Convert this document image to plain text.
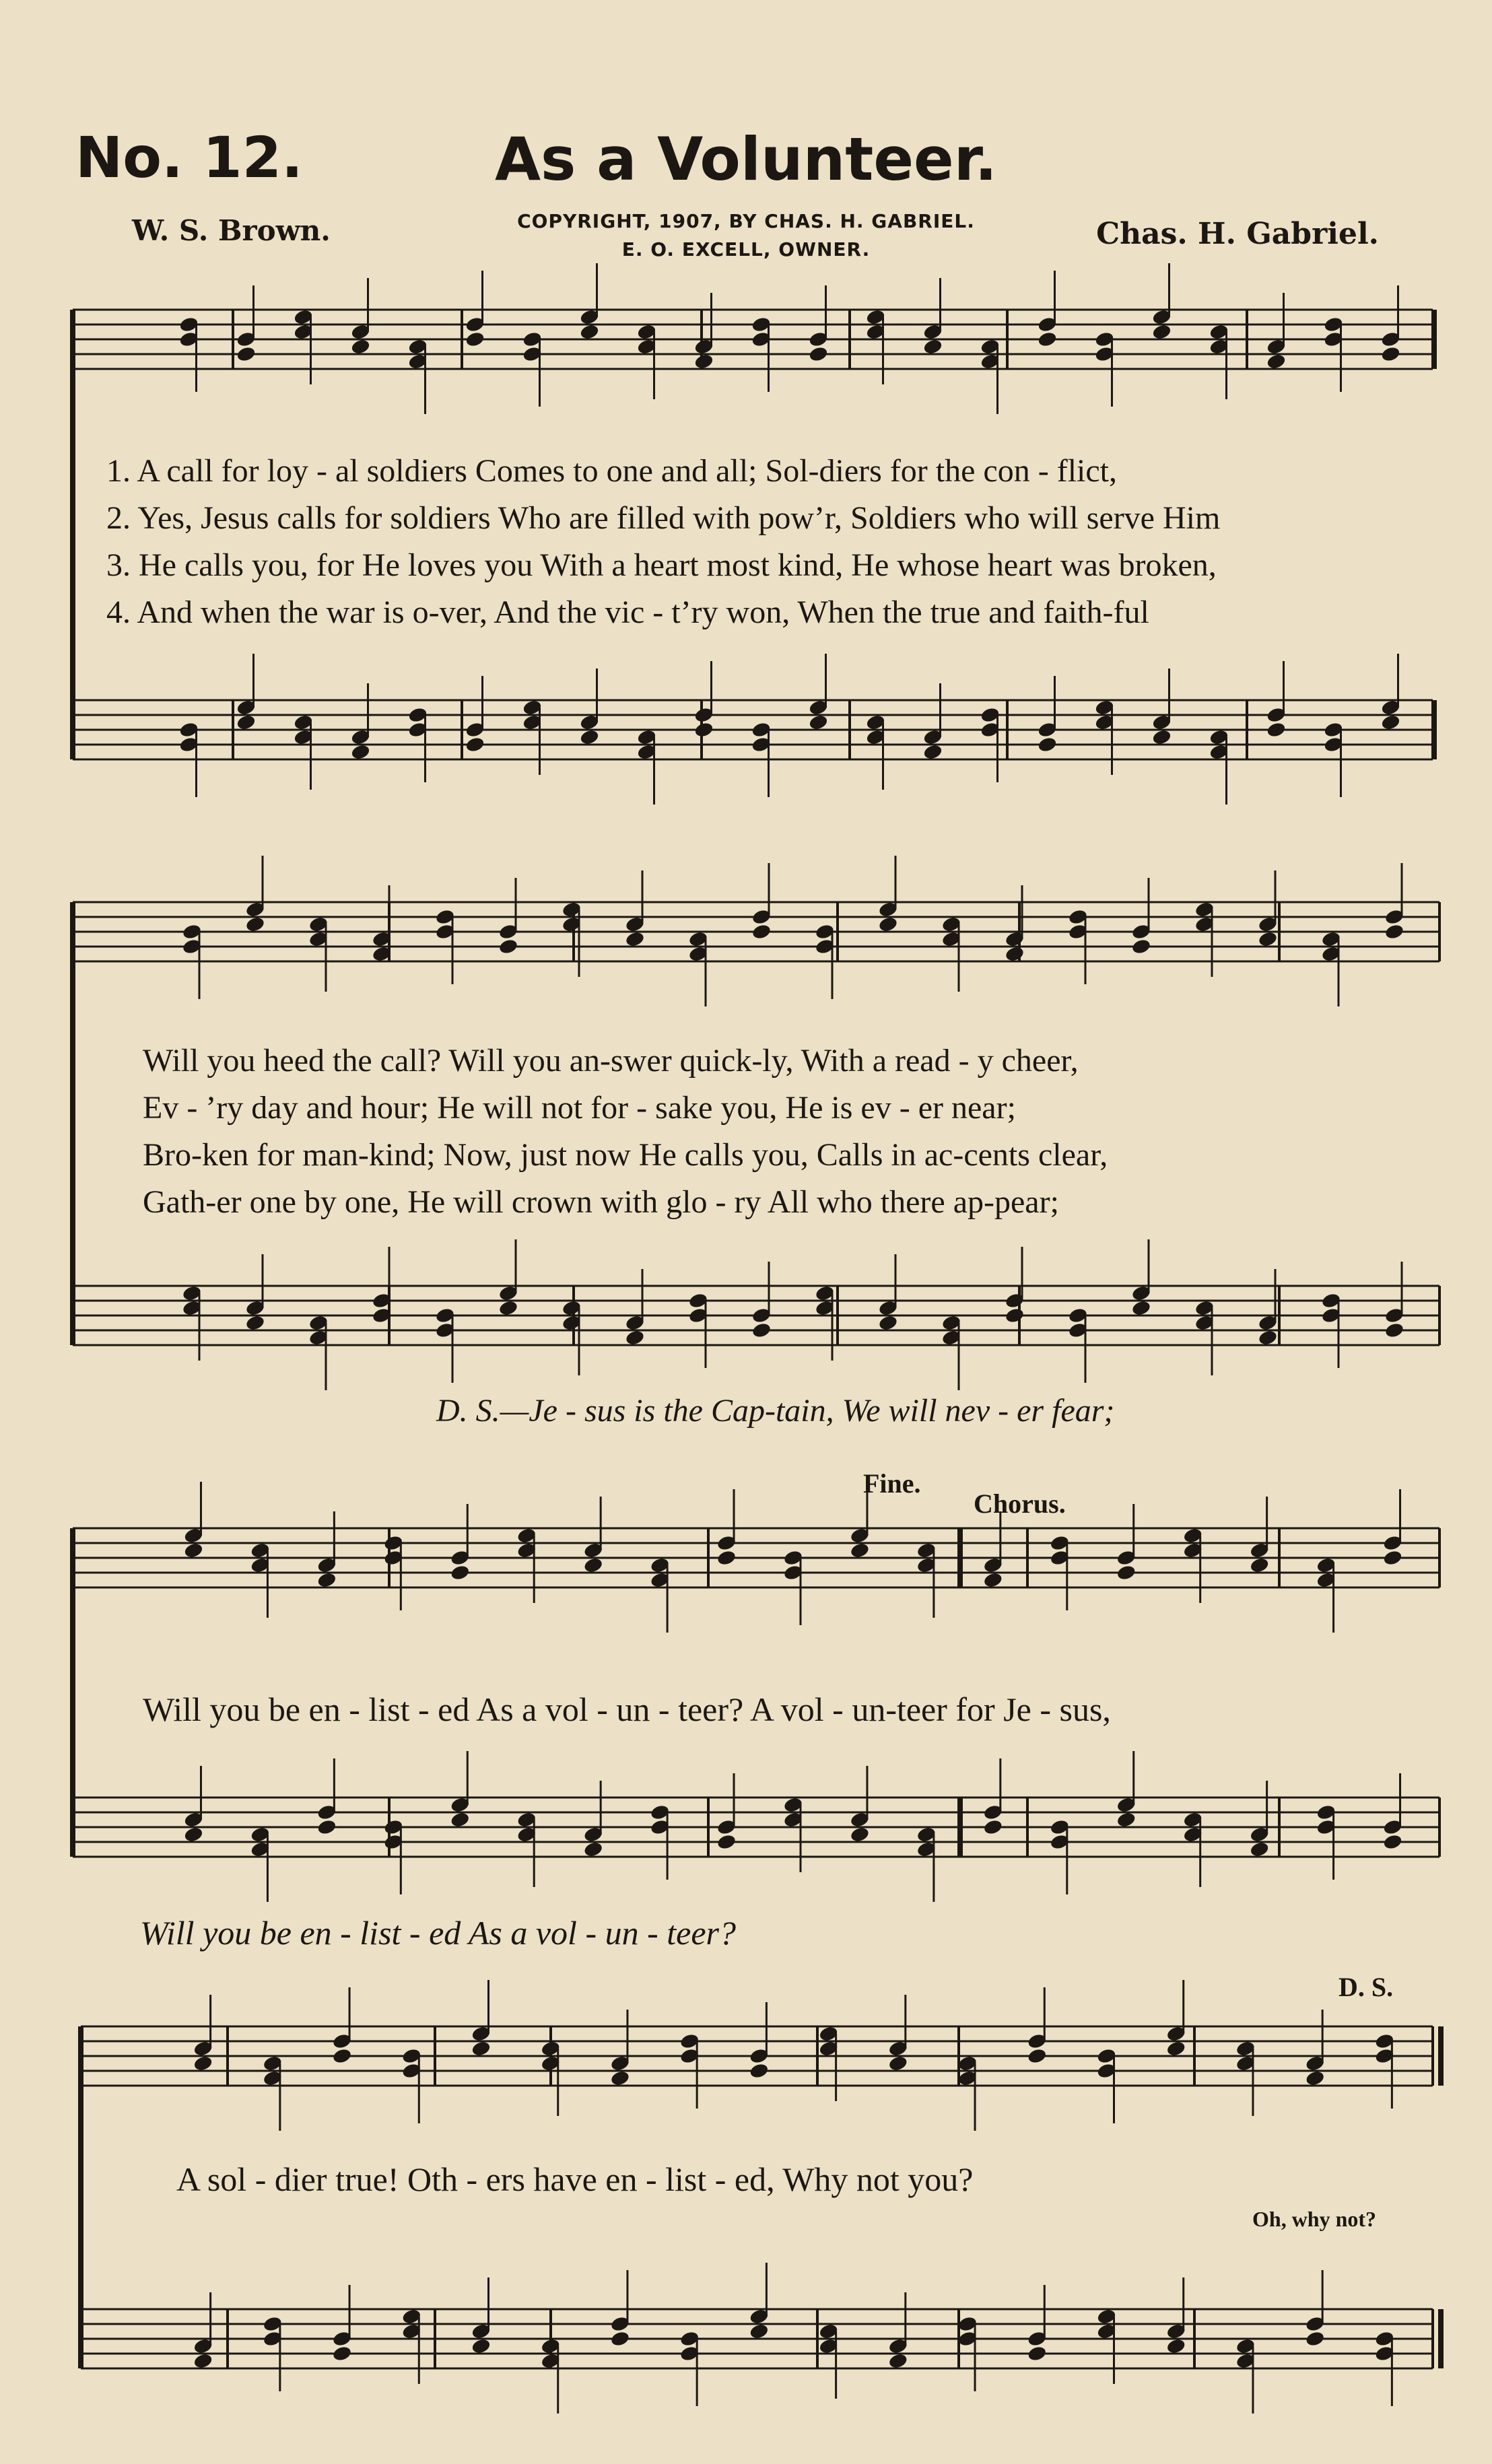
No. 12.	As a Volunteer.
W. S. Brown.	COPYRIGHT, 1907, BY CHAS. H. GABRIEL.
E. O. EXCELL, OWNER.	Chas. H. Gabriel.
1. A call for loy - al soldiers Comes to one and all; Sol-diers for the con - flict,
2. Yes, Jesus calls for soldiers Who are filled with pow’r, Soldiers who will serve Him
3. He calls you, for He loves you With a heart most kind, He whose heart was broken,
4. And when the war is o-ver, And the vic - t’ry won, When the true and faith-ful
Will you heed the call? Will you an-swer quick-ly, With a read - y cheer,
Ev - ’ry day and hour; He will not for - sake you, He is ev - er near;
Bro-ken for man-kind; Now, just now He calls you, Calls in ac-cents clear,
Gath-er one by one, He will crown with glo - ry All who there ap-pear;
D. S.—Je - sus is the Cap-tain, We will nev - er fear;
Fine.
Chorus.
Will you be en - list - ed As a vol - un - teer? A vol - un-teer for Je - sus,
Will you be en - list - ed As a vol - un - teer?
D. S.
A sol - dier true! Oth - ers have en - list - ed, Why not you?
Oh, why not?
